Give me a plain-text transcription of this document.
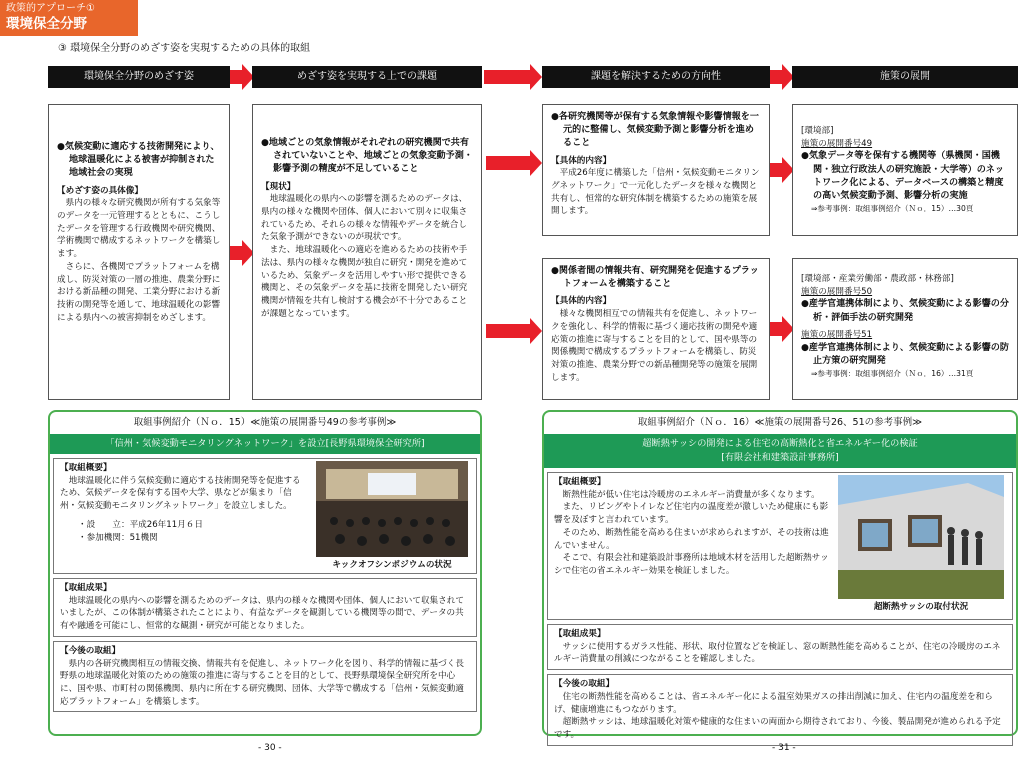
政策的アプローチ①
環境保全分野
③ 環境保全分野のめざす姿を実現するための具体的取組
環境保全分野のめざす姿	めざす姿を実現する上での課題	課題を解決するための方向性	施策の展開
●気候変動に適応する技術開発により、地球温暖化による被害が抑制された地域社会の実現
【めざす姿の具体像】
県内の様々な研究機関が所有する気象等のデータを一元管理するとともに、こうしたデータを管理する行政機関や研究機関、学術機関で構成するネットワークを構築します。
さらに、各機関でプラットフォームを構成し、防災対策の一層の推進、農業分野における新品種の開発、工業分野における新技術の開発等を通して、地球温暖化の影響による県内への被害抑制をめざします。
●地域ごとの気象情報がそれぞれの研究機関で共有されていないことや、地域ごとの気象変動予測・影響予測の精度が不足していること
【現状】
地球温暖化の県内への影響を測るためのデータは、県内の様々な機関や団体、個人において別々に収集されているため、それらの様々な情報やデータを統合した気象予測ができないのが現状です。
また、地球温暖化への適応を進めるための技術や手法は、県内の様々な機関が独自に研究・開発を進めているため、気象データを活用しやすい形で提供できる機関と、その気象データを基に技術を開発したい研究機関が情報を共有し検討する機会が不十分であることが課題となっています。
●各研究機関等が保有する気象情報や影響情報を一元的に整備し、気候変動予測と影響分析を進めること
【具体的内容】
平成26年度に構築した「信州・気候変動モニタリングネットワーク」で一元化したデータを様々な機関と共有し、恒常的な研究体制を構築するための施策を展開します。
●関係者間の情報共有、研究開発を促進するプラットフォームを構築すること
【具体的内容】
様々な機関相互での情報共有を促進し、ネットワークを強化し、科学的情報に基づく適応技術の開発や適応策の推進に寄与することを目的として、国や県等の関係機関で構成するプラットフォームを構築し、防災対策の推進、農業分野での新品種開発等の施策を展開します。
[環境部]
施策の展開番号49
●気象データ等を保有する機関等（県機関・国機関・独立行政法人の研究施設・大学等）のネットワーク化による、データベースの構築と精度の高い気候変動予測、影響分析の実施
⇒参考事例：取組事例紹介（Ｎｏ．15）…30頁
[環境部・産業労働部・農政部・林務部]
施策の展開番号50
●産学官連携体制により、気候変動による影響の分析・評価手法の研究開発
施策の展開番号51
●産学官連携体制により、気候変動による影響の防止方策の研究開発
⇒参考事例：取組事例紹介（Ｎｏ．16）…31頁
取組事例紹介（Ｎｏ．15）≪施策の展開番号49の参考事例≫
「信州・気候変動モニタリングネットワーク」を設立[長野県環境保全研究所]
【取組概要】
地球温暖化に伴う気候変動に適応する技術開発等を促進するため、気候データを保有する国や大学、県などが集まり「信州・気候変動モニタリングネットワーク」を設立しました。
・設　　立：平成26年11月６日
・参加機関：51機関
キックオフシンポジウムの状況
【取組成果】
地球温暖化の県内への影響を測るためのデータは、県内の様々な機関や団体、個人において収集されていましたが、この体制が構築されたことにより、有益なデータを観測している機関等の間で、データの共有や融通を可能にし、恒常的な観測・研究が可能となりました。
【今後の取組】
県内の各研究機関相互の情報交換、情報共有を促進し、ネットワーク化を図り、科学的情報に基づく長野県の地球温暖化対策のための施策の推進に寄与することを目的として、長野県環境保全研究所を中心に、国や県、市町村の関係機関、県内に所在する研究機関、団体、大学等で構成する「信州・気候変動適応プラットフォーム」を構築します。
取組事例紹介（Ｎｏ．16）≪施策の展開番号26、51の参考事例≫
超断熱サッシの開発による住宅の高断熱化と省エネルギー化の検証
[有限会社和建築設計事務所]
【取組概要】
断熱性能が低い住宅は冷暖房のエネルギー消費量が多くなります。
また、リビングやトイレなど住宅内の温度差が激しいため健康にも影響を及ぼすと言われています。
そのため、断熱性能を高める住まいが求められますが、その技術は進んでいません。
そこで、有限会社和建築設計事務所は地域木材を活用した超断熱サッシで住宅の省エネルギー効果を検証しました。
超断熱サッシの取付状況
【取組成果】
サッシに使用するガラス性能、形状、取付位置などを検証し、窓の断熱性能を高めることが、住宅の冷暖房のエネルギー消費量の削減につながることを確認しました。
【今後の取組】
住宅の断熱性能を高めることは、省エネルギー化による温室効果ガスの排出削減に加え、住宅内の温度差を和らげ、健康増進にもつながります。
超断熱サッシは、地球温暖化対策や健康的な住まいの両面から期待されており、今後、製品開発が進められる予定です。
- 30 -	- 31 -
